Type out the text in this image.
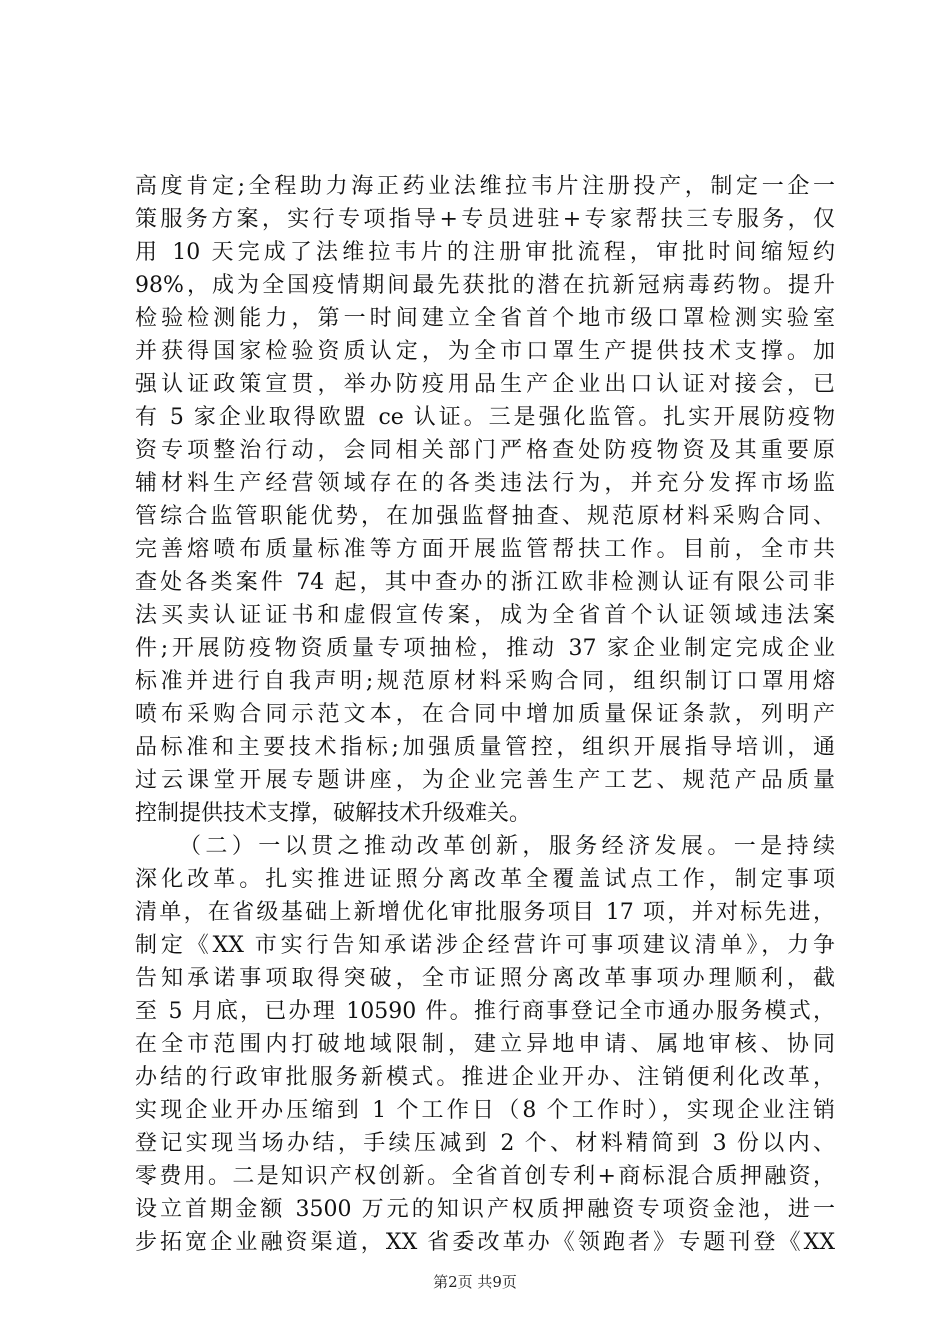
高度肯定;全程助力海正药业法维拉韦片注册投产，制定一企一
策服务方案，实行专项指导+专员进驻+专家帮扶三专服务，仅
用 10 天完成了法维拉韦片的注册审批流程，审批时间缩短约
98%，成为全国疫情期间最先获批的潜在抗新冠病毒药物。提升
检验检测能力，第一时间建立全省首个地市级口罩检测实验室
并获得国家检验资质认定，为全市口罩生产提供技术支撑。加
强认证政策宣贯，举办防疫用品生产企业出口认证对接会，已
有 5 家企业取得欧盟 ce 认证。三是强化监管。扎实开展防疫物
资专项整治行动，会同相关部门严格查处防疫物资及其重要原
辅材料生产经营领域存在的各类违法行为，并充分发挥市场监
管综合监管职能优势，在加强监督抽查、规范原材料采购合同、
完善熔喷布质量标准等方面开展监管帮扶工作。目前，全市共
查处各类案件 74 起，其中查办的浙江欧非检测认证有限公司非
法买卖认证证书和虚假宣传案，成为全省首个认证领域违法案
件;开展防疫物资质量专项抽检，推动 37 家企业制定完成企业
标准并进行自我声明;规范原材料采购合同，组织制订口罩用熔
喷布采购合同示范文本，在合同中增加质量保证条款，列明产
品标准和主要技术指标;加强质量管控，组织开展指导培训，通
过云课堂开展专题讲座，为企业完善生产工艺、规范产品质量
控制提供技术支撑，破解技术升级难关。
（二）一以贯之推动改革创新，服务经济发展。一是持续
深化改革。扎实推进证照分离改革全覆盖试点工作，制定事项
清单，在省级基础上新增优化审批服务项目 17 项，并对标先进，
制定《XX 市实行告知承诺涉企经营许可事项建议清单》，力争
告知承诺事项取得突破，全市证照分离改革事项办理顺利，截
至 5 月底，已办理 10590 件。推行商事登记全市通办服务模式，
在全市范围内打破地域限制，建立异地申请、属地审核、协同
办结的行政审批服务新模式。推进企业开办、注销便利化改革，
实现企业开办压缩到 1 个工作日（8 个工作时），实现企业注销
登记实现当场办结，手续压减到 2 个、材料精简到 3 份以内、
零费用。二是知识产权创新。全省首创专利+商标混合质押融资，
设立首期金额 3500 万元的知识产权质押融资专项资金池，进一
步拓宽企业融资渠道，XX 省委改革办《领跑者》专题刊登《XX
第2页 共9页
